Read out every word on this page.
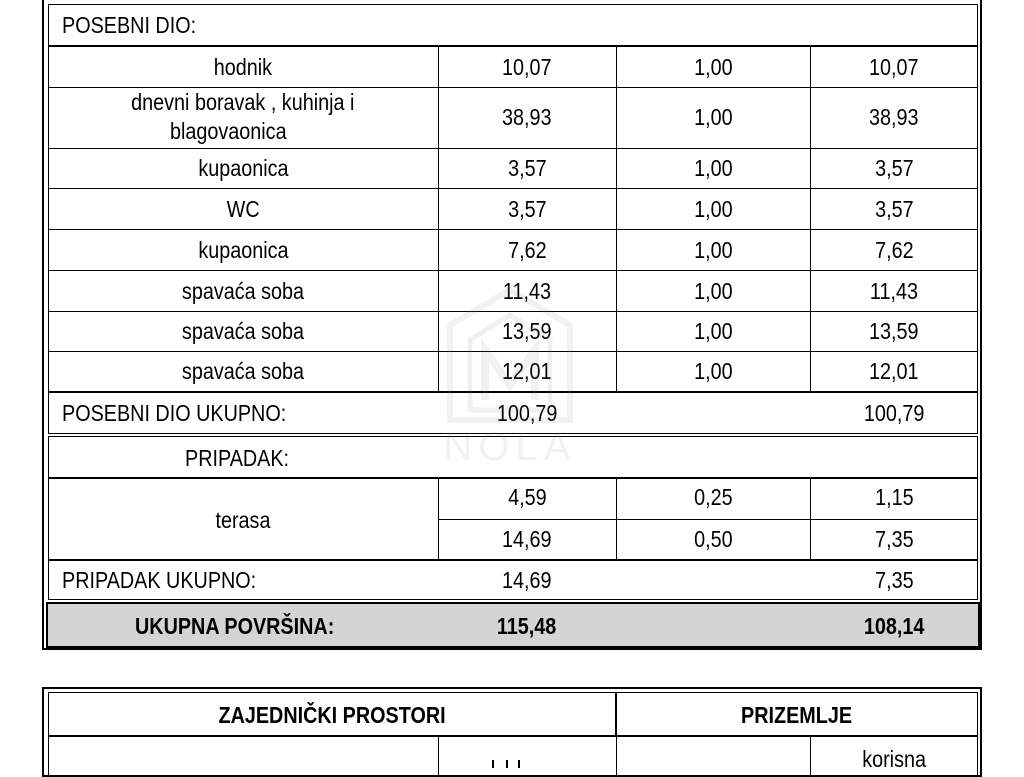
POSEBNI DIO:
hodnik	10,07	1,00	10,07
dnevni boravak , kuhinja i
blagovaonica
38,93	1,00	38,93
kupaonica	3,57	1,00	3,57
WC	3,57	1,00	3,57
kupaonica	7,62	1,00	7,62
spavaća soba	11,43	1,00	11,43
spavaća soba	13,59	1,00	13,59
spavaća soba	12,01	1,00	12,01
POSEBNI DIO UKUPNO:	100,79	100,79
PRIPADAK:
terasa
4,59	0,25	1,15
14,69	0,50	7,35
PRIPADAK UKUPNO:	14,69	7,35
UKUPNA POVRŠINA:	115,48	108,14
ZAJEDNIČKI PROSTORI	PRIZEMLJE
korisna
NOLA
